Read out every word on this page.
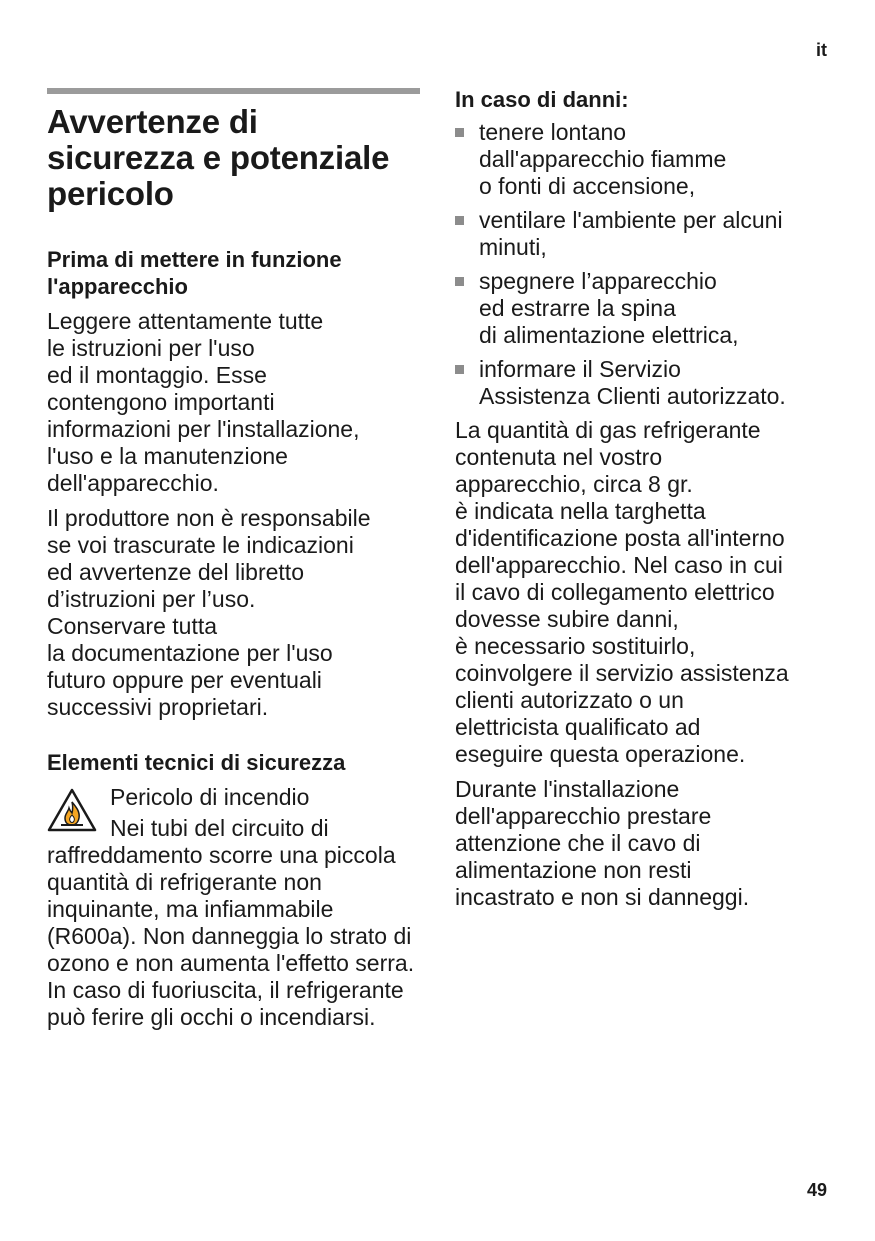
it
Avvertenze di
sicurezza e potenziale
pericolo
Prima di mettere in funzione
l'apparecchio

Leggere attentamente tutte
le istruzioni per l'uso
ed il montaggio. Esse
contengono importanti
informazioni per l'installazione,
l'uso e la manutenzione
dell'apparecchio.

Il produttore non è responsabile
se voi trascurate le indicazioni
ed avvertenze del libretto
d’istruzioni per l’uso.
Conservare tutta
la documentazione per l'uso
futuro oppure per eventuali
successivi proprietari.

Elementi tecnici di sicurezza

Pericolo di incendio

Nei tubi del circuito di raffreddamento scorre una piccola quantità di refrigerante non inquinante, ma infiammabile (R600a). Non danneggia lo strato di ozono e non aumenta l'effetto serra. In caso di fuoriuscita, il refrigerante può ferire gli occhi o incendiarsi.

In caso di danni:
tenere lontano
dall'apparecchio fiamme
o fonti di accensione,
ventilare l'ambiente per alcuni
minuti,
spegnere l’apparecchio
ed estrarre la spina
di alimentazione elettrica,
informare il Servizio
Assistenza Clienti autorizzato.

La quantità di gas refrigerante
contenuta nel vostro
apparecchio, circa 8 gr.
è indicata nella targhetta
d'identificazione posta all'interno
dell'apparecchio. Nel caso in cui
il cavo di collegamento elettrico
dovesse subire danni,
è necessario sostituirlo,
coinvolgere il servizio assistenza
clienti autorizzato o un
elettricista qualificato ad
eseguire questa operazione.

Durante l'installazione
dell'apparecchio prestare
attenzione che il cavo di
alimentazione non resti
incastrato e non si danneggi.

49
